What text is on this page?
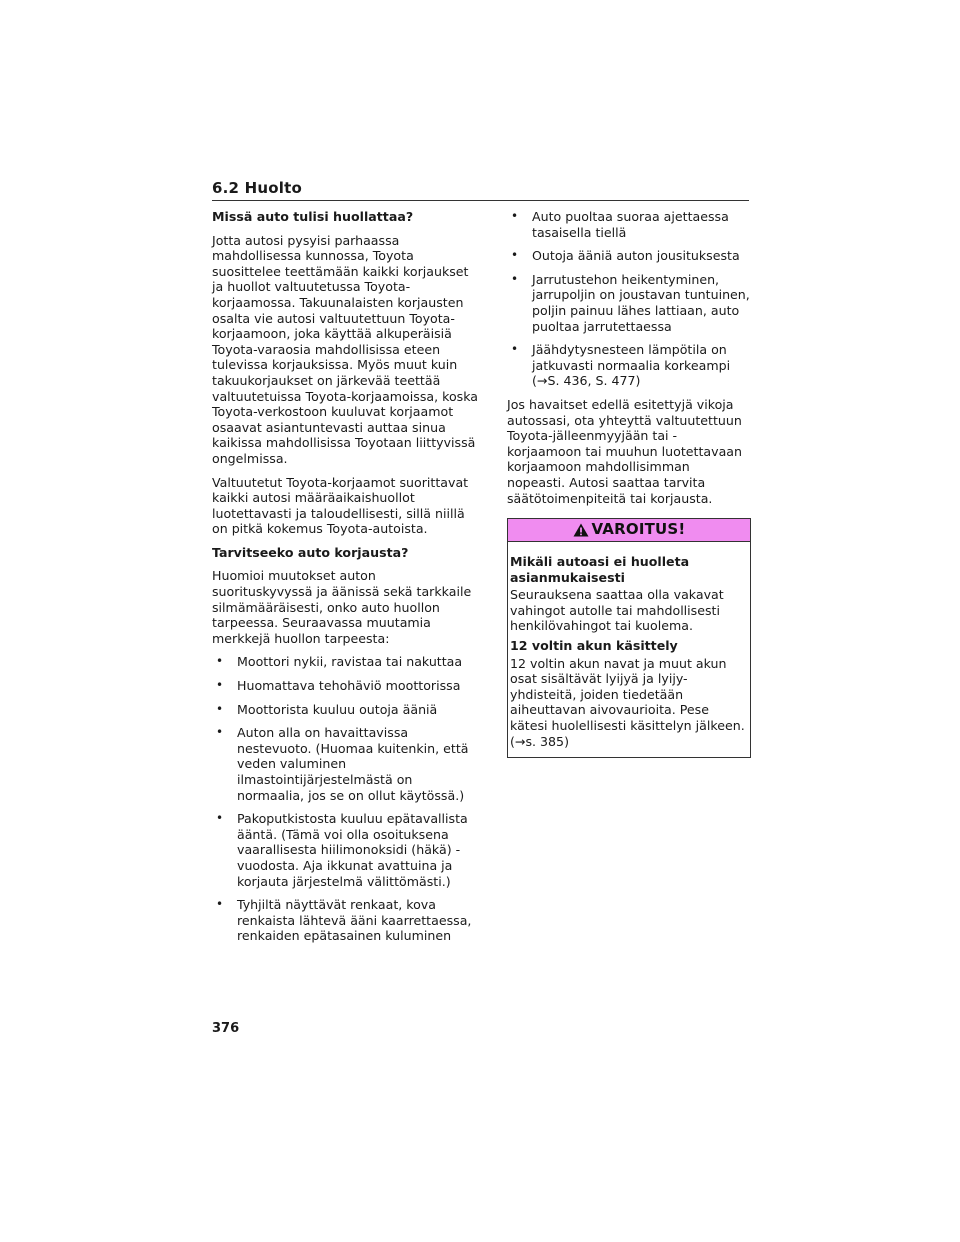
6.2 Huolto
Missä auto tulisi huollattaa?

Jotta autosi pysyisi parhaassa mahdollisessa kunnossa, Toyota suosittelee teettämään kaikki korjaukset ja huollot valtuutetussa Toyota-korjaamossa. Takuunalaisten korjausten osalta vie autosi valtuutettuun Toyota-korjaamoon, joka käyttää alkuperäisiä Toyota-varaosia mahdollisissa eteen tulevissa korjauksissa. Myös muut kuin takuukorjaukset on järkevää teettää valtuutetuissa Toyota-korjaamoissa, koska Toyota-verkostoon kuuluvat korjaamot osaavat asiantuntevasti auttaa sinua kaikissa mahdollisissa Toyotaan liittyvissä ongelmissa.

Valtuutetut Toyota-korjaamot suorittavat kaikki autosi määräaikaishuollot luotettavasti ja taloudellisesti, sillä niillä on pitkä kokemus Toyota-autoista.

Tarvitseeko auto korjausta?

Huomioi muutokset auton suorituskyvyssä ja äänissä sekä tarkkaile silmämääräisesti, onko auto huollon tarpeessa. Seuraavassa muutamia merkkejä huollon tarpeesta:

• Moottori nykii, ravistaa tai nakuttaa
• Huomattava tehohäviö moottorissa
• Moottorista kuuluu outoja ääniä
• Auton alla on havaittavissa nestevuoto. (Huomaa kuitenkin, että veden valuminen ilmastointijärjestelmästä on normaalia, jos se on ollut käytössä.)
• Pakoputkistosta kuuluu epätavallista ääntä. (Tämä voi olla osoituksena vaarallisesta hiilimonoksidi (häkä) -vuodosta. Aja ikkunat avattuina ja korjauta järjestelmä välittömästi.)
• Tyhjiltä näyttävät renkaat, kova renkaista lähtevä ääni kaarrettaessa, renkaiden epätasainen kuluminen
• Auto puoltaa suoraa ajettaessa tasaisella tiellä
• Outoja ääniä auton jousituksesta
• Jarrutustehon heikentyminen, jarrupoljin on joustavan tuntuinen, poljin painuu lähes lattiaan, auto puoltaa jarrutettaessa
• Jäähdytysnesteen lämpötila on jatkuvasti normaalia korkeampi (→S. 436, S. 477)

Jos havaitset edellä esitettyjä vikoja autossasi, ota yhteyttä valtuutettuun Toyota-jälleenmyyjään tai -korjaamoon tai muuhun luotettavaan korjaamoon mahdollisimman nopeasti. Autosi saattaa tarvita säätötoimenpiteitä tai korjausta.

VAROITUS!
Mikäli autoasi ei huolleta asianmukaisesti

Seurauksena saattaa olla vakavat vahingot autolle tai mahdollisesti henkilövahingot tai kuolema.

12 voltin akun käsittely

12 voltin akun navat ja muut akun osat sisältävät lyijyä ja lyijy-yhdisteitä, joiden tiedetään aiheuttavan aivovaurioita. Pese kätesi huolellisesti käsittelyn jälkeen. (→s. 385)

376
